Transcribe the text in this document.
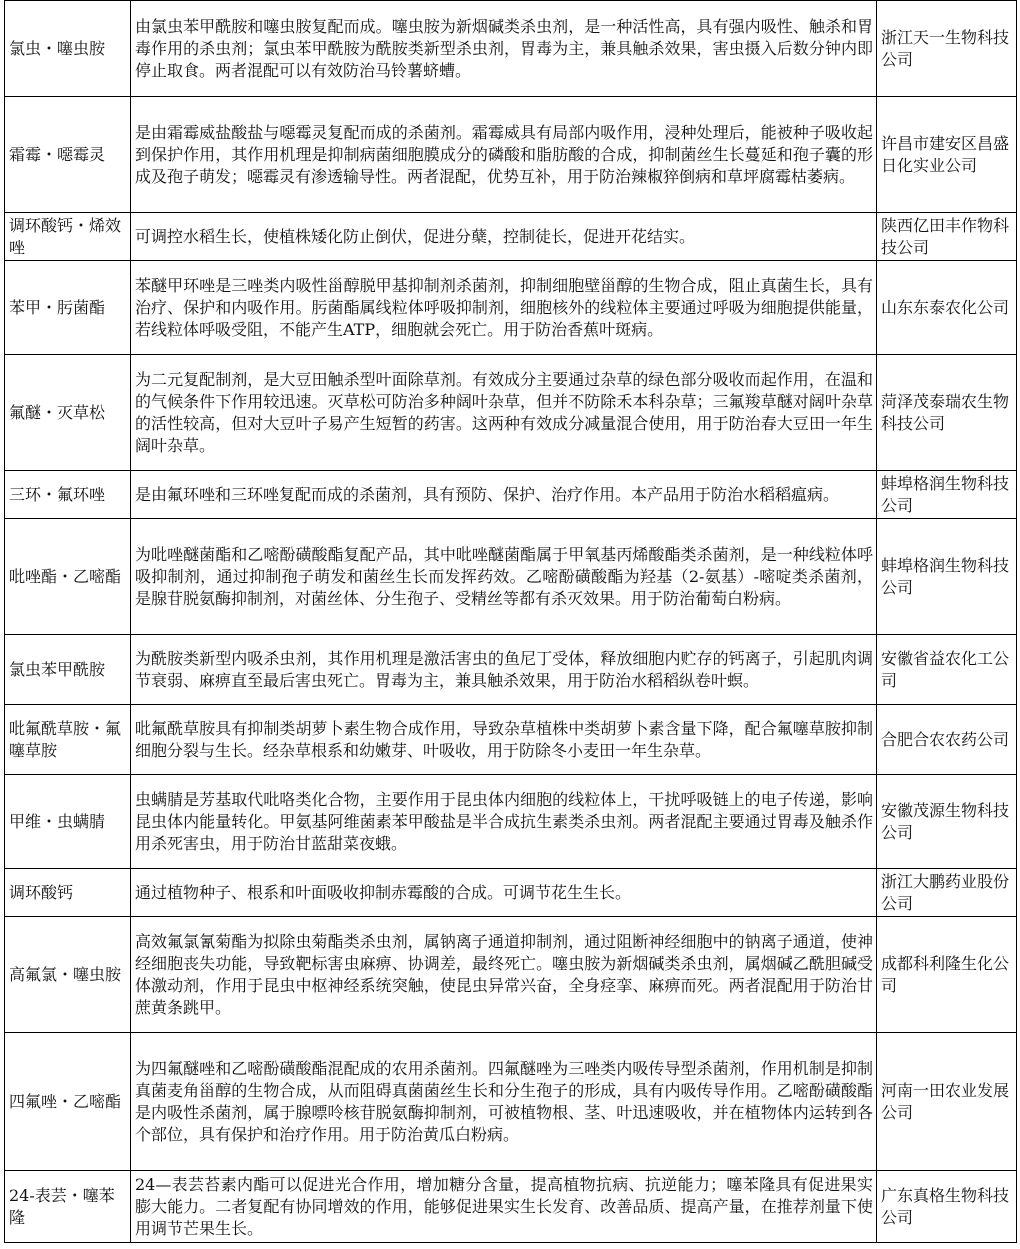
氯虫・噻虫胺	由氯虫苯甲酰胺和噻虫胺复配而成。噻虫胺为新烟碱类杀虫剂，是一种活性高，具有强内吸性、触杀和胃毒作用的杀虫剂；氯虫苯甲酰胺为酰胺类新型杀虫剂，胃毒为主，兼具触杀效果，害虫摄入后数分钟内即停止取食。两者混配可以有效防治马铃薯蛴螬。	浙江天一生物科技公司
霜霉・噁霉灵	是由霜霉威盐酸盐与噁霉灵复配而成的杀菌剂。霜霉威具有局部内吸作用，浸种处理后，能被种子吸收起到保护作用，其作用机理是抑制病菌细胞膜成分的磷酸和脂肪酸的合成，抑制菌丝生长蔓延和孢子囊的形成及孢子萌发；噁霉灵有渗透输导性。两者混配，优势互补，用于防治辣椒猝倒病和草坪腐霉枯萎病。	许昌市建安区昌盛日化实业公司
调环酸钙・烯效唑	可调控水稻生长，使植株矮化防止倒伏，促进分蘖，控制徒长，促进开花结实。	陕西亿田丰作物科技公司
苯甲・肟菌酯	苯醚甲环唑是三唑类内吸性甾醇脱甲基抑制剂杀菌剂，抑制细胞壁甾醇的生物合成，阻止真菌生长，具有治疗、保护和内吸作用。肟菌酯属线粒体呼吸抑制剂，细胞核外的线粒体主要通过呼吸为细胞提供能量，若线粒体呼吸受阻，不能产生ATP，细胞就会死亡。用于防治香蕉叶斑病。	山东东泰农化公司
氟醚・灭草松	为二元复配制剂，是大豆田触杀型叶面除草剂。有效成分主要通过杂草的绿色部分吸收而起作用，在温和的气候条件下作用较迅速。灭草松可防治多种阔叶杂草，但并不防除禾本科杂草；三氟羧草醚对阔叶杂草的活性较高，但对大豆叶子易产生短暂的药害。这两种有效成分减量混合使用，用于防治春大豆田一年生阔叶杂草。	菏泽茂泰瑞农生物科技公司
三环・氟环唑	是由氟环唑和三环唑复配而成的杀菌剂，具有预防、保护、治疗作用。本产品用于防治水稻稻瘟病。	蚌埠格润生物科技公司
吡唑酯・乙嘧酯	为吡唑醚菌酯和乙嘧酚磺酸酯复配产品，其中吡唑醚菌酯属于甲氧基丙烯酸酯类杀菌剂，是一种线粒体呼吸抑制剂，通过抑制孢子萌发和菌丝生长而发挥药效。乙嘧酚磺酸酯为羟基（2-氨基）-嘧啶类杀菌剂，是腺苷脱氨酶抑制剂，对菌丝体、分生孢子、受精丝等都有杀灭效果。用于防治葡萄白粉病。	蚌埠格润生物科技公司
氯虫苯甲酰胺	为酰胺类新型内吸杀虫剂，其作用机理是激活害虫的鱼尼丁受体，释放细胞内贮存的钙离子，引起肌肉调节衰弱、麻痹直至最后害虫死亡。胃毒为主，兼具触杀效果，用于防治水稻稻纵卷叶螟。	安徽省益农化工公司
吡氟酰草胺・氟噻草胺	吡氟酰草胺具有抑制类胡萝卜素生物合成作用，导致杂草植株中类胡萝卜素含量下降，配合氟噻草胺抑制细胞分裂与生长。经杂草根系和幼嫩芽、叶吸收，用于防除冬小麦田一年生杂草。	合肥合农农药公司
甲维・虫螨腈	虫螨腈是芳基取代吡咯类化合物，主要作用于昆虫体内细胞的线粒体上，干扰呼吸链上的电子传递，影响昆虫体内能量转化。甲氨基阿维菌素苯甲酸盐是半合成抗生素类杀虫剂。两者混配主要通过胃毒及触杀作用杀死害虫，用于防治甘蓝甜菜夜蛾。	安徽茂源生物科技公司
调环酸钙	通过植物种子、根系和叶面吸收抑制赤霉酸的合成。可调节花生生长。	浙江大鹏药业股份公司
高氟氯・噻虫胺	高效氟氯氰菊酯为拟除虫菊酯类杀虫剂，属钠离子通道抑制剂，通过阻断神经细胞中的钠离子通道，使神经细胞丧失功能，导致靶标害虫麻痹、协调差，最终死亡。噻虫胺为新烟碱类杀虫剂，属烟碱乙酰胆碱受体激动剂，作用于昆虫中枢神经系统突触，使昆虫异常兴奋，全身痉挛、麻痹而死。两者混配用于防治甘蔗黄条跳甲。	成都科利隆生化公司
四氟唑・乙嘧酯	为四氟醚唑和乙嘧酚磺酸酯混配成的农用杀菌剂。四氟醚唑为三唑类内吸传导型杀菌剂，作用机制是抑制真菌麦角甾醇的生物合成，从而阻碍真菌菌丝生长和分生孢子的形成，具有内吸传导作用。乙嘧酚磺酸酯是内吸性杀菌剂，属于腺嘌呤核苷脱氨酶抑制剂，可被植物根、茎、叶迅速吸收，并在植物体内运转到各个部位，具有保护和治疗作用。用于防治黄瓜白粉病。	河南一田农业发展公司
24-表芸・噻苯隆	24—表芸苔素内酯可以促进光合作用，增加糖分含量，提高植物抗病、抗逆能力；噻苯隆具有促进果实膨大能力。二者复配有协同增效的作用，能够促进果实生长发育、改善品质、提高产量，在推荐剂量下使用调节芒果生长。	广东真格生物科技公司
